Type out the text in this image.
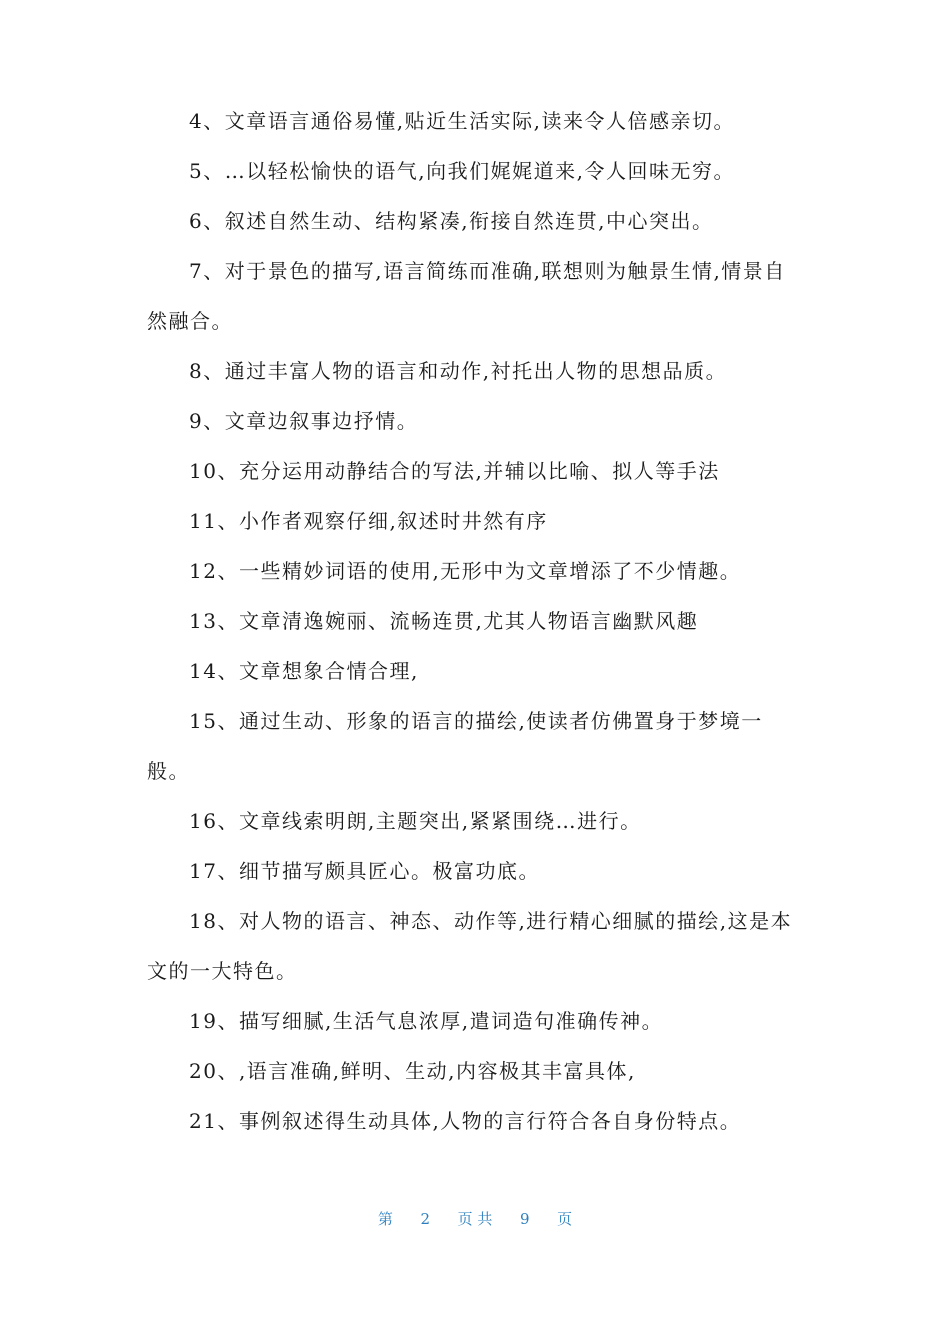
4、文章语言通俗易懂,贴近生活实际,读来令人倍感亲切。

5、…以轻松愉快的语气,向我们娓娓道来,令人回味无穷。

6、叙述自然生动、结构紧凑,衔接自然连贯,中心突出。

7、对于景色的描写,语言简练而准确,联想则为触景生情,情景自然融合。

8、通过丰富人物的语言和动作,衬托出人物的思想品质。

9、文章边叙事边抒情。

10、充分运用动静结合的写法,并辅以比喻、拟人等手法

11、小作者观察仔细,叙述时井然有序

12、一些精妙词语的使用,无形中为文章增添了不少情趣。

13、文章清逸婉丽、流畅连贯,尤其人物语言幽默风趣

14、文章想象合情合理,

15、通过生动、形象的语言的描绘,使读者仿佛置身于梦境一般。

16、文章线索明朗,主题突出,紧紧围绕…进行。

17、细节描写颇具匠心。极富功底。

18、对人物的语言、神态、动作等,进行精心细腻的描绘,这是本文的一大特色。

19、描写细腻,生活气息浓厚,遣词造句准确传神。

20、,语言准确,鲜明、生动,内容极其丰富具体,

21、事例叙述得生动具体,人物的言行符合各自身份特点。

第 2 页 共 9 页
